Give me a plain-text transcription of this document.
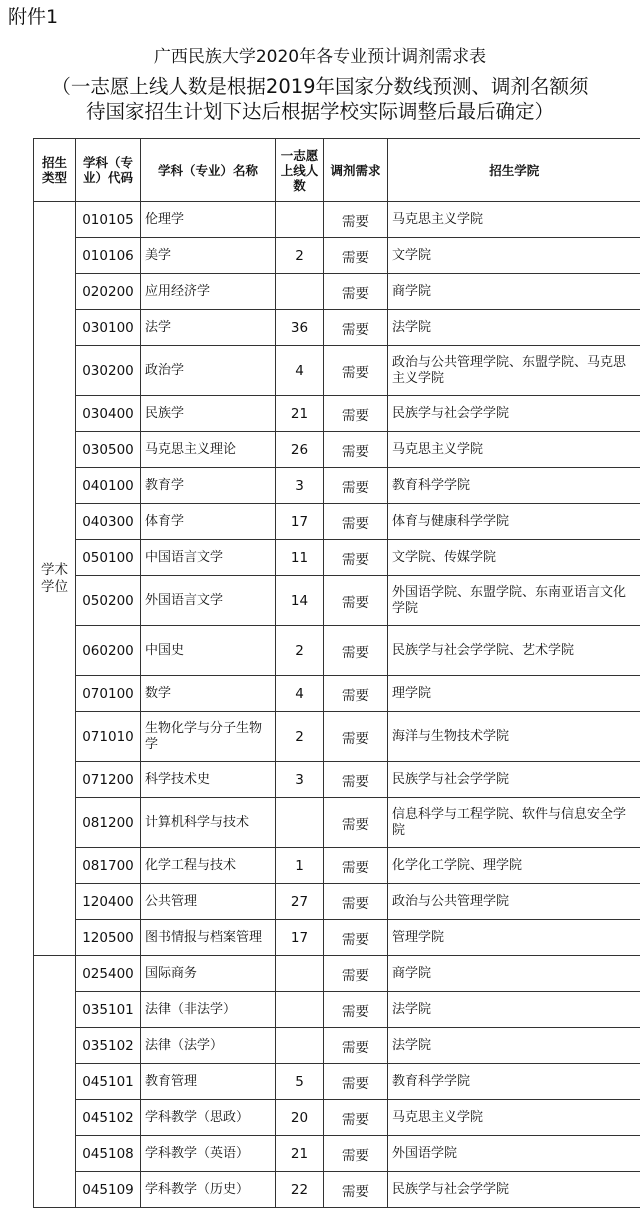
附件1
广西民族大学2020年各专业预计调剂需求表
（一志愿上线人数是根据2019年国家分数线预测、调剂名额须
待国家招生计划下达后根据学校实际调整后最后确定）
招生类型	学科（专业）代码	学科（专业）名称	一志愿上线人数	调剂需求	招生学院
学术学位	010105	伦理学		需要	马克思主义学院
	010106	美学	2	需要	文学院
	020200	应用经济学		需要	商学院
	030100	法学	36	需要	法学院
	030200	政治学	4	需要	政治与公共管理学院、东盟学院、马克思主义学院
	030400	民族学	21	需要	民族学与社会学学院
	030500	马克思主义理论	26	需要	马克思主义学院
	040100	教育学	3	需要	教育科学学院
	040300	体育学	17	需要	体育与健康科学学院
	050100	中国语言文学	11	需要	文学院、传媒学院
	050200	外国语言文学	14	需要	外国语学院、东盟学院、东南亚语言文化学院
	060200	中国史	2	需要	民族学与社会学学院、艺术学院
	070100	数学	4	需要	理学院
	071010	生物化学与分子生物学	2	需要	海洋与生物技术学院
	071200	科学技术史	3	需要	民族学与社会学学院
	081200	计算机科学与技术		需要	信息科学与工程学院、软件与信息安全学院
	081700	化学工程与技术	1	需要	化学化工学院、理学院
	120400	公共管理	27	需要	政治与公共管理学院
	120500	图书情报与档案管理	17	需要	管理学院
	025400	国际商务		需要	商学院
	035101	法律（非法学）		需要	法学院
	035102	法律（法学）		需要	法学院
	045101	教育管理	5	需要	教育科学学院
	045102	学科教学（思政）	20	需要	马克思主义学院
	045108	学科教学（英语）	21	需要	外国语学院
	045109	学科教学（历史）	22	需要	民族学与社会学学院
